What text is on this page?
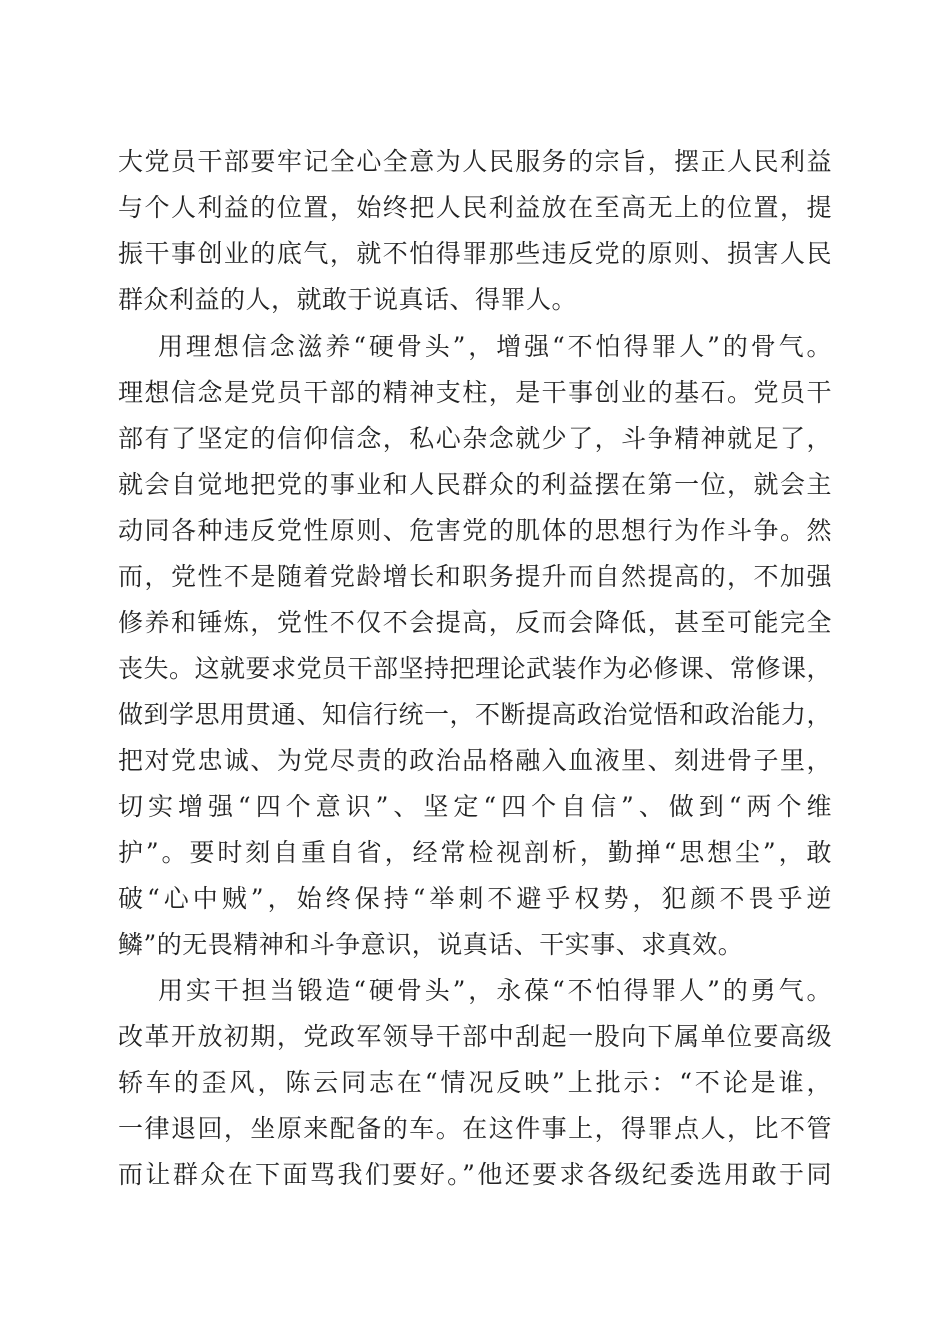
大党员干部要牢记全心全意为人民服务的宗旨，摆正人民利益

与个人利益的位置，始终把人民利益放在至高无上的位置，提

振干事创业的底气，就不怕得罪那些违反党的原则、损害人民

群众利益的人，就敢于说真话、得罪人。

用理想信念滋养“硬骨头”，增强“不怕得罪人”的骨气。

理想信念是党员干部的精神支柱，是干事创业的基石。党员干

部有了坚定的信仰信念，私心杂念就少了，斗争精神就足了，

就会自觉地把党的事业和人民群众的利益摆在第一位，就会主

动同各种违反党性原则、危害党的肌体的思想行为作斗争。然

而，党性不是随着党龄增长和职务提升而自然提高的，不加强

修养和锤炼，党性不仅不会提高，反而会降低，甚至可能完全

丧失。这就要求党员干部坚持把理论武装作为必修课、常修课，

做到学思用贯通、知信行统一，不断提高政治觉悟和政治能力，

把对党忠诚、为党尽责的政治品格融入血液里、刻进骨子里，

切实增强“四个意识”、坚定“四个自信”、做到“两个维

护”。要时刻自重自省，经常检视剖析，勤掸“思想尘”，敢

破“心中贼”，始终保持“举刺不避乎权势，犯颜不畏乎逆

鳞”的无畏精神和斗争意识，说真话、干实事、求真效。

用实干担当锻造“硬骨头”，永葆“不怕得罪人”的勇气。

改革开放初期，党政军领导干部中刮起一股向下属单位要高级

轿车的歪风，陈云同志在“情况反映”上批示：“不论是谁，

一律退回，坐原来配备的车。在这件事上，得罪点人，比不管

而让群众在下面骂我们要好。”他还要求各级纪委选用敢于同
